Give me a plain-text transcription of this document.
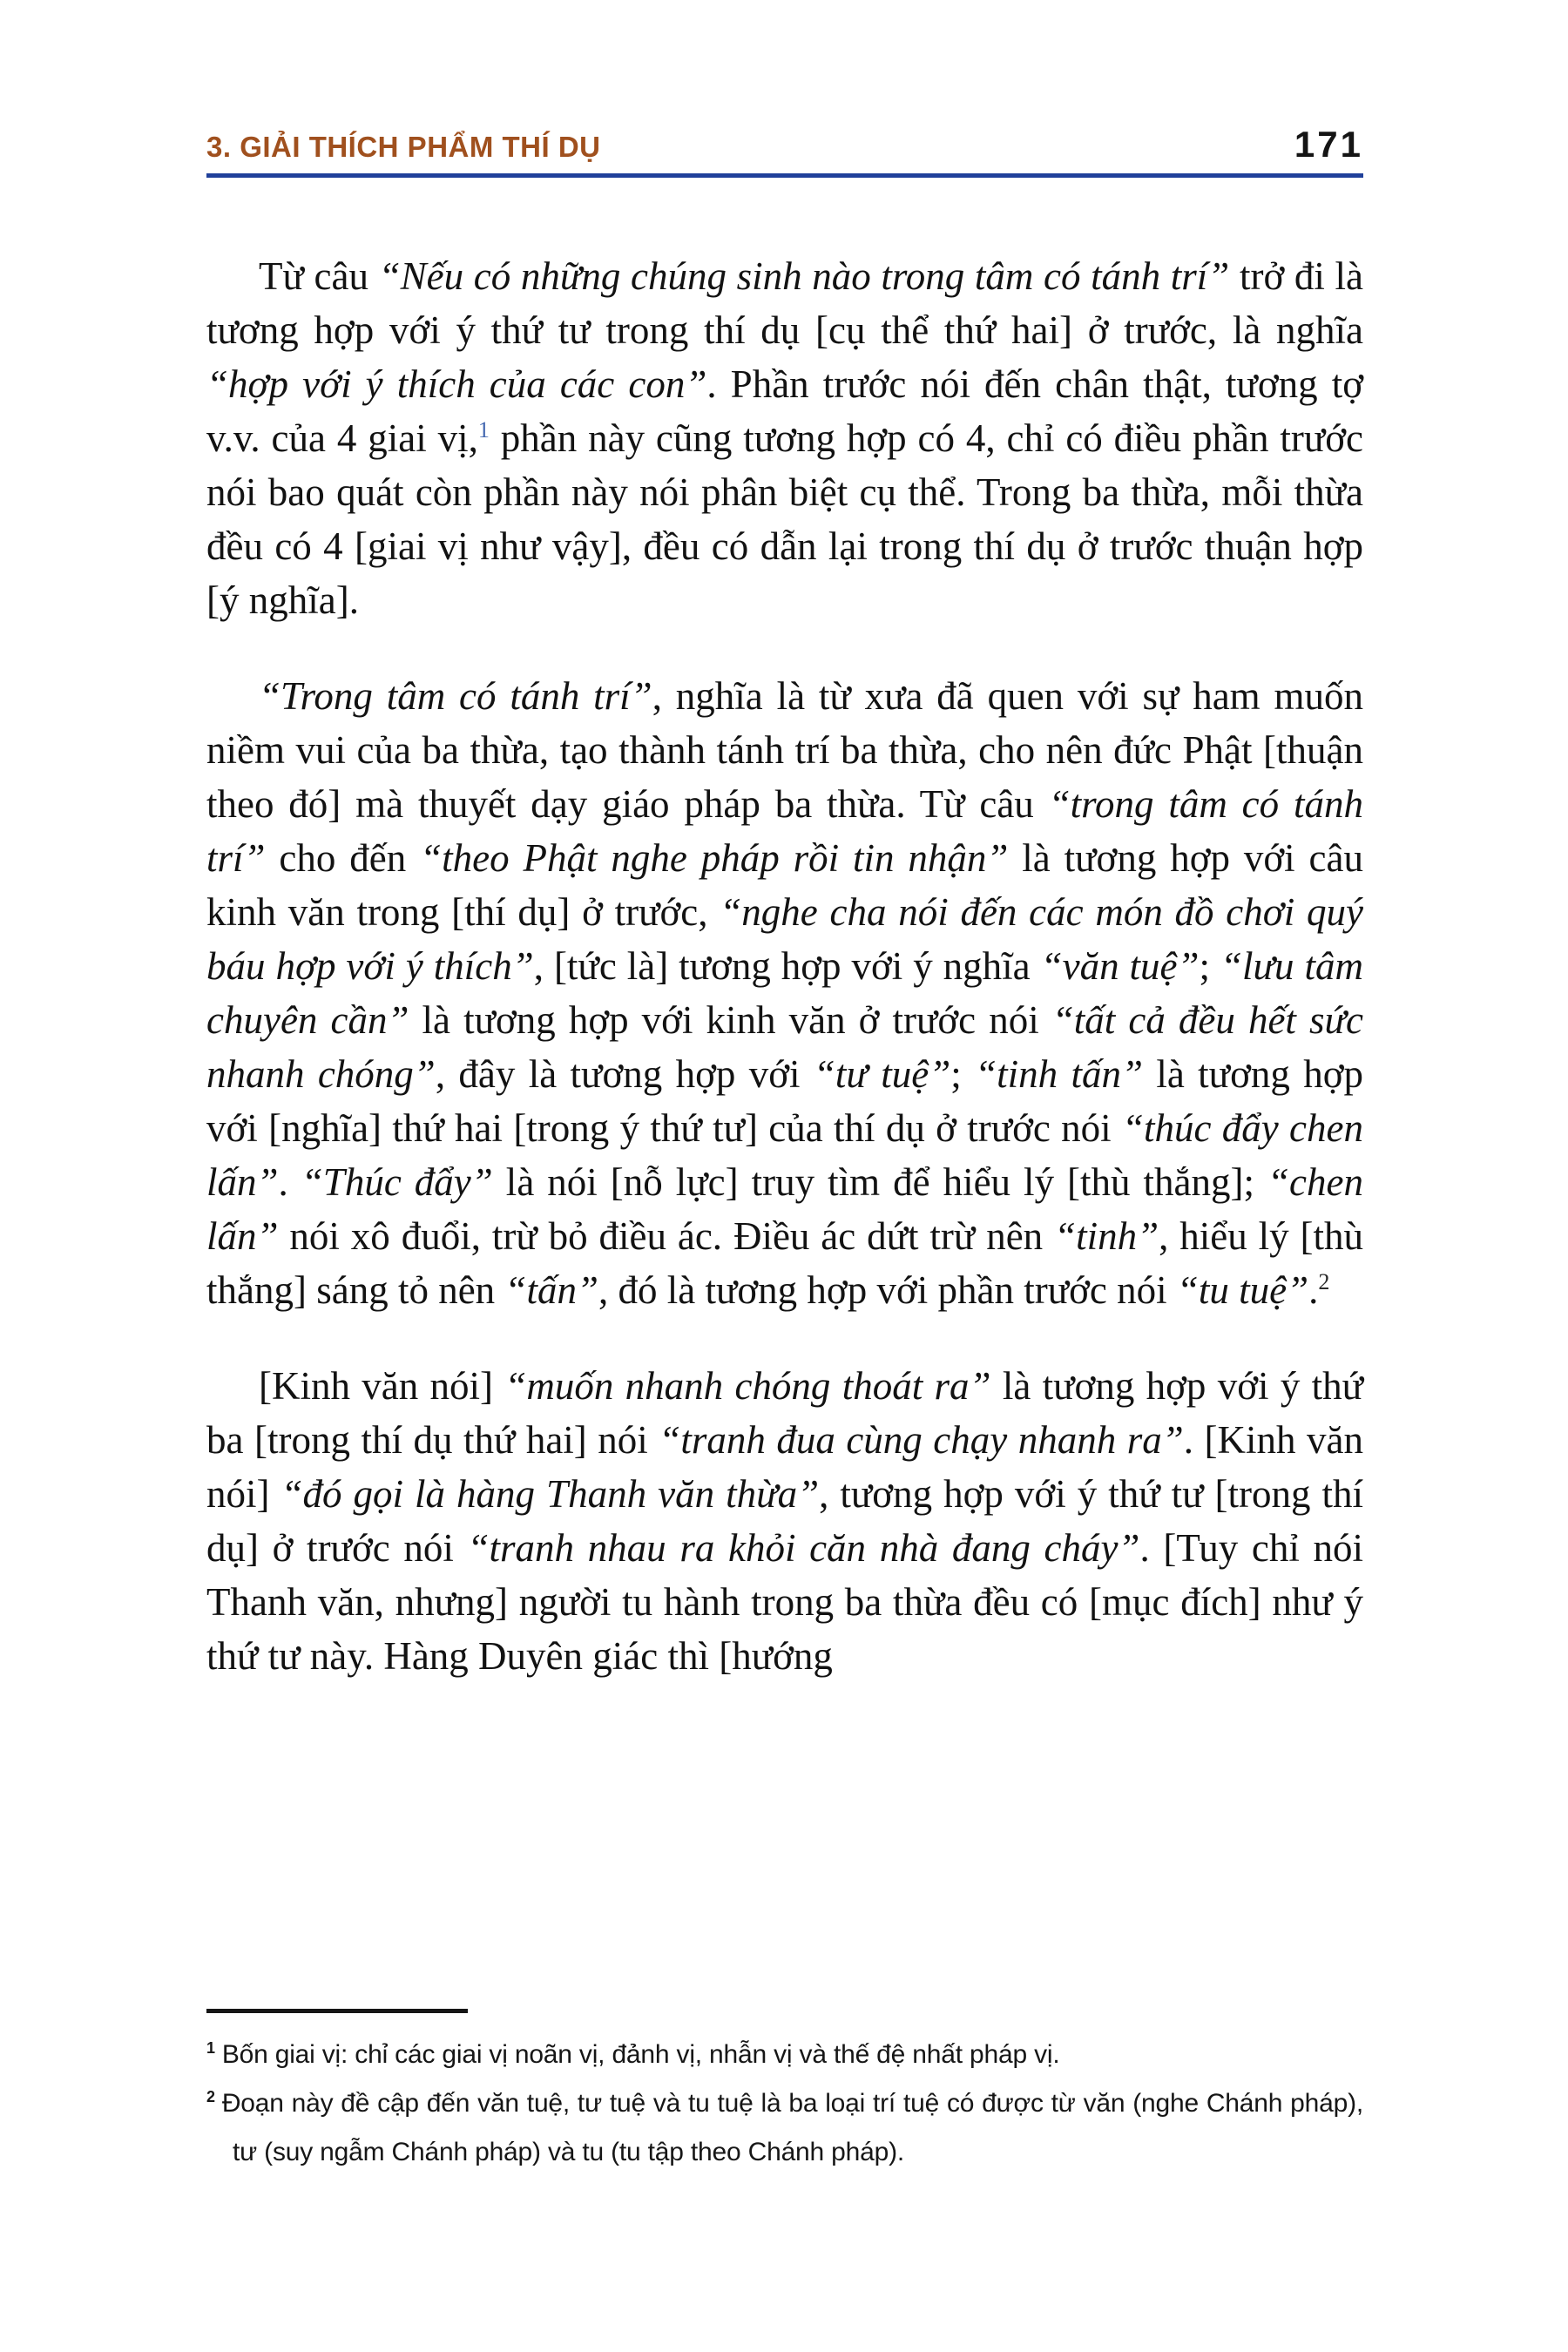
3. GIẢI THÍCH PHẨM THÍ DỤ	171

Từ câu “Nếu có những chúng sinh nào trong tâm có tánh trí” trở đi là tương hợp với ý thứ tư trong thí dụ [cụ thể thứ hai] ở trước, là nghĩa “hợp với ý thích của các con”. Phần trước nói đến chân thật, tương tợ v.v. của 4 giai vị,$^1$ phần này cũng tương hợp có 4, chỉ có điều phần trước nói bao quát còn phần này nói phân biệt cụ thể. Trong ba thừa, mỗi thừa đều có 4 [giai vị như vậy], đều có dẫn lại trong thí dụ ở trước thuận hợp [ý nghĩa].

“Trong tâm có tánh trí”, nghĩa là từ xưa đã quen với sự ham muốn niềm vui của ba thừa, tạo thành tánh trí ba thừa, cho nên đức Phật [thuận theo đó] mà thuyết dạy giáo pháp ba thừa. Từ câu “trong tâm có tánh trí” cho đến “theo Phật nghe pháp rồi tin nhận” là tương hợp với câu kinh văn trong [thí dụ] ở trước, “nghe cha nói đến các món đồ chơi quý báu hợp với ý thích”, [tức là] tương hợp với ý nghĩa “văn tuệ”; “lưu tâm chuyên cần” là tương hợp với kinh văn ở trước nói “tất cả đều hết sức nhanh chóng”, đây là tương hợp với “tư tuệ”; “tinh tấn” là tương hợp với [nghĩa] thứ hai [trong ý thứ tư] của thí dụ ở trước nói “thúc đẩy chen lấn”. “Thúc đẩy” là nói [nỗ lực] truy tìm để hiểu lý [thù thắng]; “chen lấn” nói xô đuổi, trừ bỏ điều ác. Điều ác dứt trừ nên “tinh”, hiểu lý [thù thắng] sáng tỏ nên “tấn”, đó là tương hợp với phần trước nói “tu tuệ”.$^2$

[Kinh văn nói] “muốn nhanh chóng thoát ra” là tương hợp với ý thứ ba [trong thí dụ thứ hai] nói “tranh đua cùng chạy nhanh ra”. [Kinh văn nói] “đó gọi là hàng Thanh văn thừa”, tương hợp với ý thứ tư [trong thí dụ] ở trước nói “tranh nhau ra khỏi căn nhà đang cháy”. [Tuy chỉ nói Thanh văn, nhưng] người tu hành trong ba thừa đều có [mục đích] như ý thứ tư này. Hàng Duyên giác thì [hướng

$^1$ Bốn giai vị: chỉ các giai vị noãn vị, đảnh vị, nhẫn vị và thế đệ nhất pháp vị.
$^2$ Đoạn này đề cập đến văn tuệ, tư tuệ và tu tuệ là ba loại trí tuệ có được từ văn (nghe Chánh pháp), tư (suy ngẫm Chánh pháp) và tu (tu tập theo Chánh pháp).
